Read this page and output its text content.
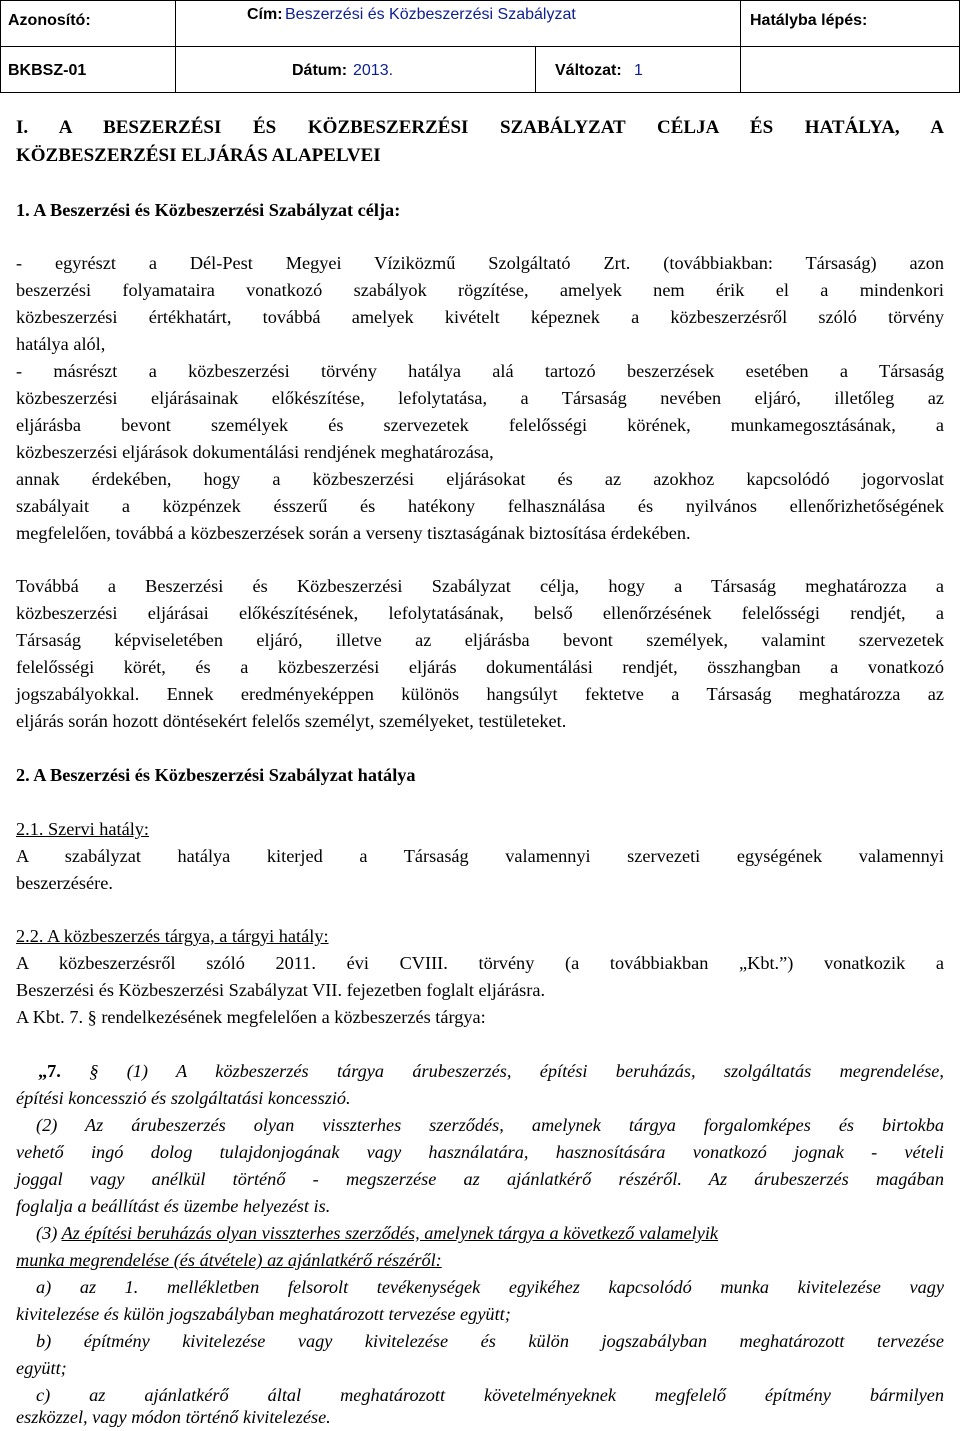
Azonosító:	Cím: Beszerzési és Közbeszerzési Szabályzat	Hatályba lépés:
BKBSZ-01	Dátum: 2013.	Változat: 1
I. A BESZERZÉSI ÉS KÖZBESZERZÉSI SZABÁLYZAT CÉLJA ÉS HATÁLYA, A
KÖZBESZERZÉSI ELJÁRÁS ALAPELVEI
1. A Beszerzési és Közbeszerzési Szabályzat célja:
- egyrészt a Dél-Pest Megyei Víziközmű Szolgáltató Zrt. (továbbiakban: Társaság) azon
beszerzési folyamataira vonatkozó szabályok rögzítése, amelyek nem érik el a mindenkori
közbeszerzési értékhatárt, továbbá amelyek kivételt képeznek a közbeszerzésről szóló törvény
hatálya alól,
- másrészt a közbeszerzési törvény hatálya alá tartozó beszerzések esetében a Társaság
közbeszerzési eljárásainak előkészítése, lefolytatása, a Társaság nevében eljáró, illetőleg az
eljárásba bevont személyek és szervezetek felelősségi körének, munkamegosztásának, a
közbeszerzési eljárások dokumentálási rendjének meghatározása,
annak érdekében, hogy a közbeszerzési eljárásokat és az azokhoz kapcsolódó jogorvoslat
szabályait a közpénzek ésszerű és hatékony felhasználása és nyilvános ellenőrizhetőségének
megfelelően, továbbá a közbeszerzések során a verseny tisztaságának biztosítása érdekében.
Továbbá a Beszerzési és Közbeszerzési Szabályzat célja, hogy a Társaság meghatározza a
közbeszerzési eljárásai előkészítésének, lefolytatásának, belső ellenőrzésének felelősségi rendjét, a
Társaság képviseletében eljáró, illetve az eljárásba bevont személyek, valamint szervezetek
felelősségi körét, és a közbeszerzési eljárás dokumentálási rendjét, összhangban a vonatkozó
jogszabályokkal. Ennek eredményeképpen különös hangsúlyt fektetve a Társaság meghatározza az
eljárás során hozott döntésekért felelős személyt, személyeket, testületeket.
2. A Beszerzési és Közbeszerzési Szabályzat hatálya
2.1. Szervi hatály:
A szabályzat hatálya kiterjed a Társaság valamennyi szervezeti egységének valamennyi
beszerzésére.
2.2. A közbeszerzés tárgya, a tárgyi hatály:
A közbeszerzésről szóló 2011. évi CVIII. törvény (a továbbiakban „Kbt.”) vonatkozik a
Beszerzési és Közbeszerzési Szabályzat VII. fejezetben foglalt eljárásra.
A Kbt. 7. § rendelkezésének megfelelően a közbeszerzés tárgya:
„7. § (1) A közbeszerzés tárgya árubeszerzés, építési beruházás, szolgáltatás megrendelése,
építési koncesszió és szolgáltatási koncesszió.
(2) Az árubeszerzés olyan visszterhes szerződés, amelynek tárgya forgalomképes és birtokba
vehető ingó dolog tulajdonjogának vagy használatára, hasznosítására vonatkozó jognak - vételi
joggal vagy anélkül történő - megszerzése az ajánlatkérő részéről. Az árubeszerzés magában
foglalja a beállítást és üzembe helyezést is.
(3) Az építési beruházás olyan visszterhes szerződés, amelynek tárgya a következő valamelyik
munka megrendelése (és átvétele) az ajánlatkérő részéről:
a) az 1. mellékletben felsorolt tevékenységek egyikéhez kapcsolódó munka kivitelezése vagy
kivitelezése és külön jogszabályban meghatározott tervezése együtt;
b) építmény kivitelezése vagy kivitelezése és külön jogszabályban meghatározott tervezése
együtt;
c) az ajánlatkérő által meghatározott követelményeknek megfelelő építmény bármilyen
eszközzel, vagy módon történő kivitelezése.
